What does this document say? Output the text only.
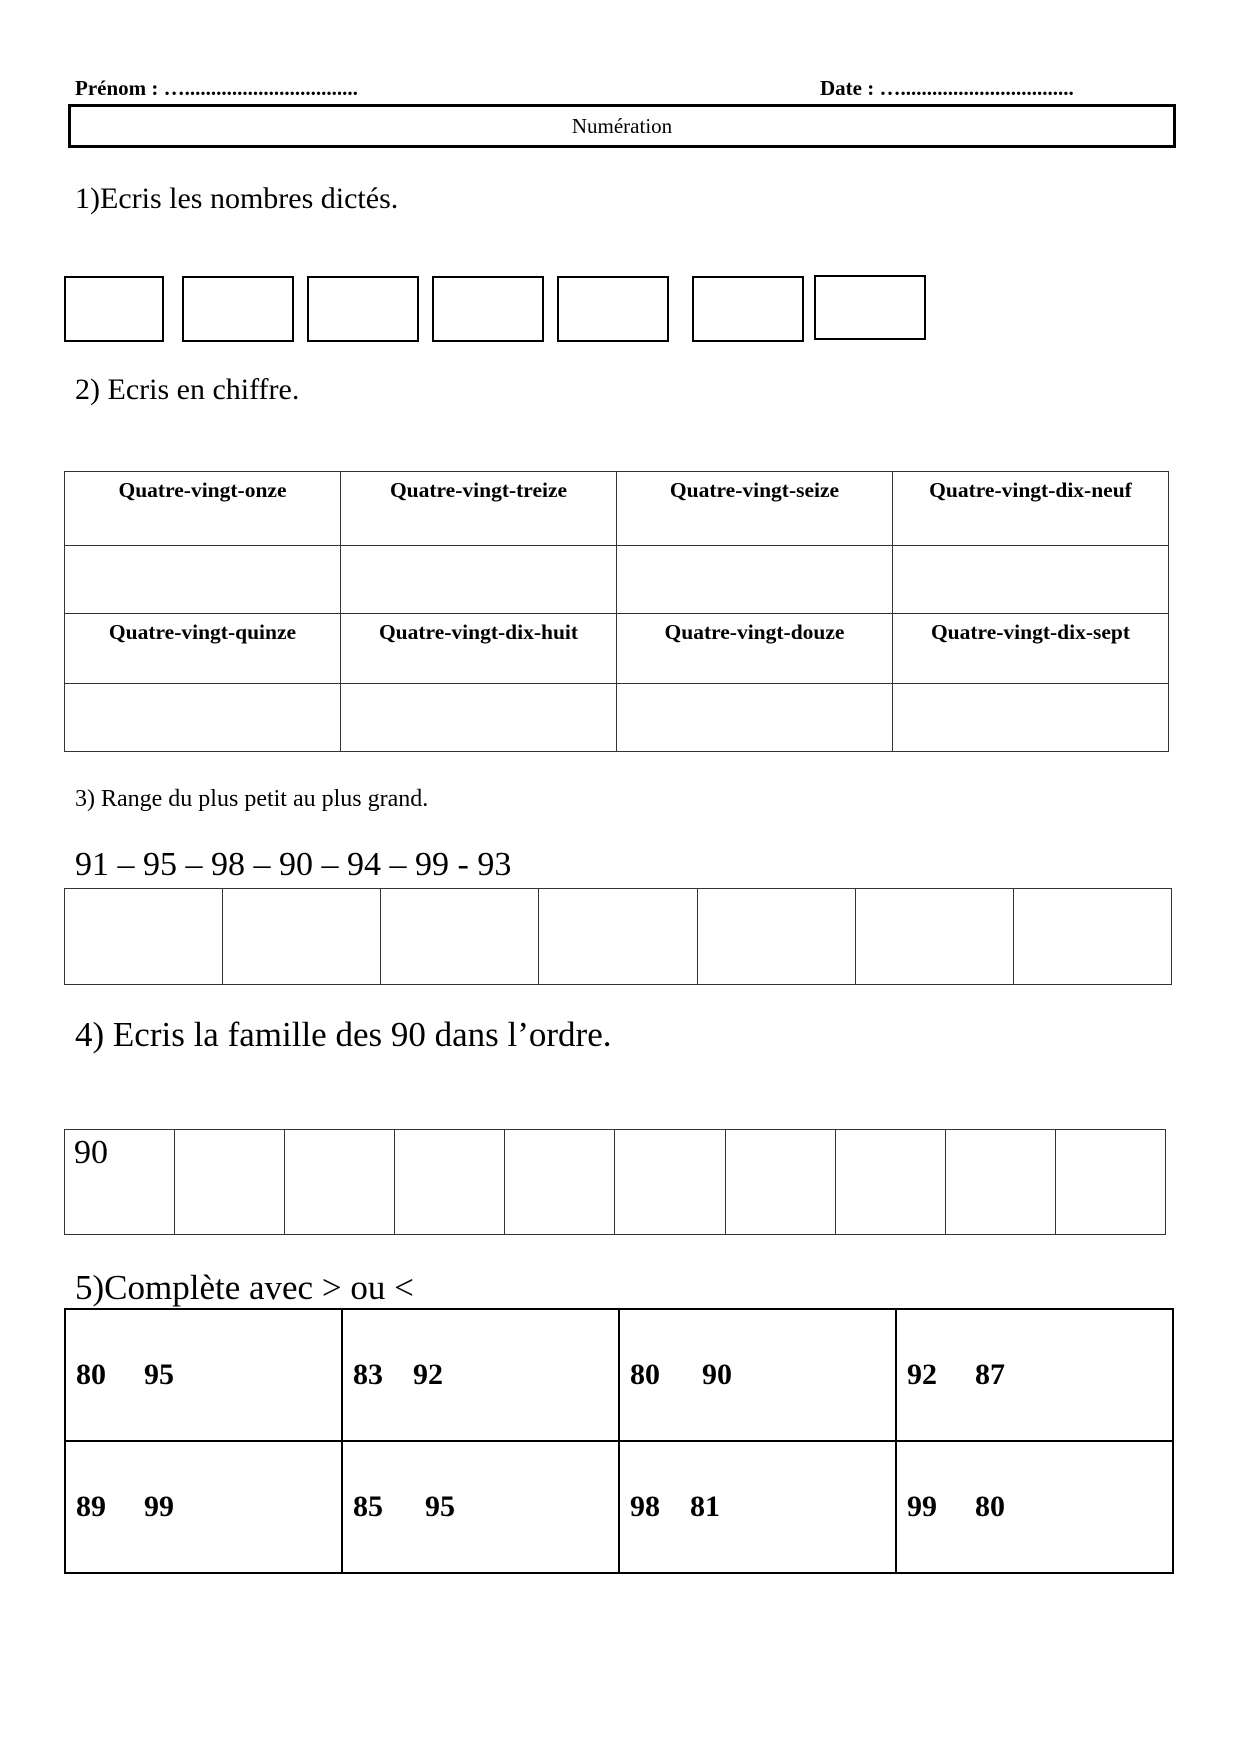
Prénom : ….................................	Date : ….................................
Numération
1)Ecris les nombres dictés.
2) Ecris en chiffre.
Quatre-vingt-onze	Quatre-vingt-treize	Quatre-vingt-seize	Quatre-vingt-dix-neuf

Quatre-vingt-quinze	Quatre-vingt-dix-huit	Quatre-vingt-douze	Quatre-vingt-dix-sept

3) Range du plus petit au plus grand.
91 – 95 – 98 – 90 – 94 – 99 - 93

4) Ecris la famille des 90 dans l’ordre.
90									
5)Complète avec > ou <
80 95	83 92	80 90	92 87
89 99	85 95	98 81	99 80
